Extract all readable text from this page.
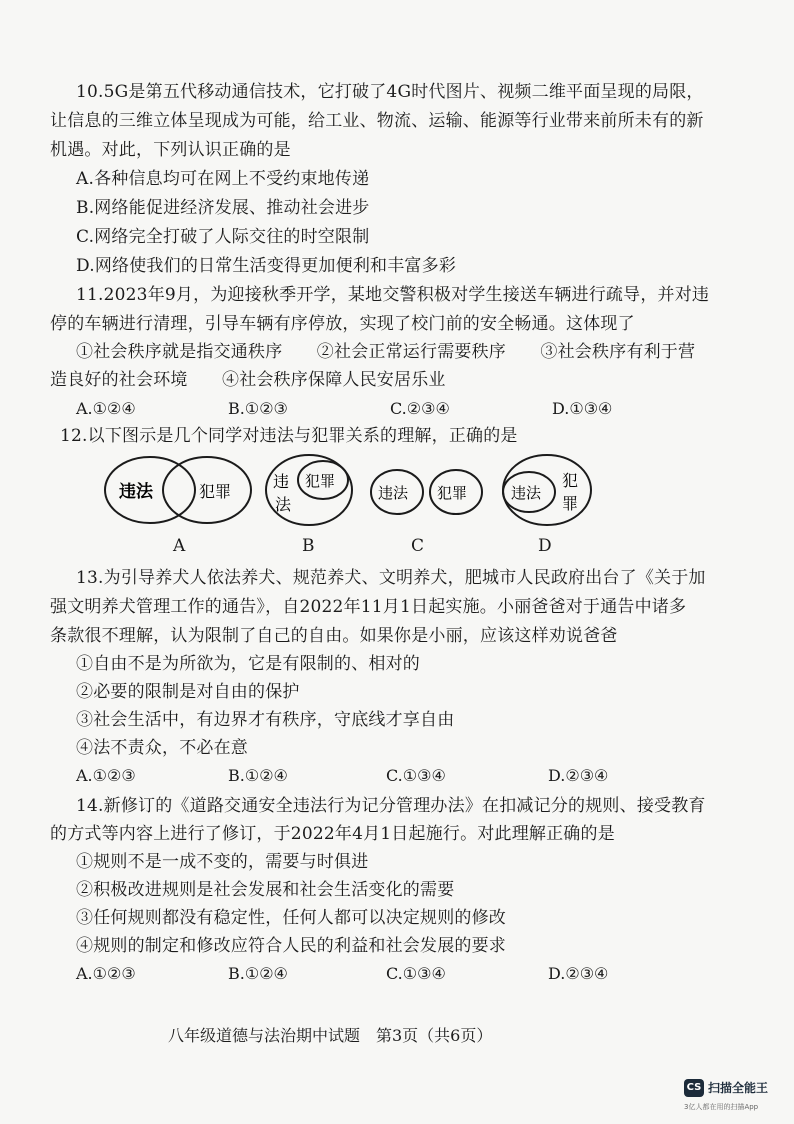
10.5G是第五代移动通信技术，它打破了4G时代图片、视频二维平面呈现的局限，
让信息的三维立体呈现成为可能，给工业、物流、运输、能源等行业带来前所未有的新
机遇。对此，下列认识正确的是
A.各种信息均可在网上不受约束地传递
B.网络能促进经济发展、推动社会进步
C.网络完全打破了人际交往的时空限制
D.网络使我们的日常生活变得更加便利和丰富多彩
11.2023年9月，为迎接秋季开学，某地交警积极对学生接送车辆进行疏导，并对违
停的车辆进行清理，引导车辆有序停放，实现了校门前的安全畅通。这体现了
①社会秩序就是指交通秩序　　②社会正常运行需要秩序　　③社会秩序有利于营
造良好的社会环境　　④社会秩序保障人民安居乐业
A.①②④	B.①②③	C.②③④	D.①③④
12.以下图示是几个同学对违法与犯罪关系的理解，正确的是
违法	犯罪
违
法
犯罪
违法 犯罪	违法
犯
罪
A	B	C	D
13.为引导养犬人依法养犬、规范养犬、文明养犬，肥城市人民政府出台了《关于加
强文明养犬管理工作的通告》，自2022年11月1日起实施。小丽爸爸对于通告中诸多
条款很不理解，认为限制了自己的自由。如果你是小丽，应该这样劝说爸爸
①自由不是为所欲为，它是有限制的、相对的
②必要的限制是对自由的保护
③社会生活中，有边界才有秩序，守底线才享自由
④法不责众，不必在意
A.①②③	B.①②④	C.①③④	D.②③④
14.新修订的《道路交通安全违法行为记分管理办法》在扣减记分的规则、接受教育
的方式等内容上进行了修订，于2022年4月1日起施行。对此理解正确的是
①规则不是一成不变的，需要与时俱进
②积极改进规则是社会发展和社会生活变化的需要
③任何规则都没有稳定性，任何人都可以决定规则的修改
④规则的制定和修改应符合人民的利益和社会发展的要求
A.①②③	B.①②④	C.①③④	D.②③④
八年级道德与法治期中试题　第3页（共6页）
CS 扫描全能王
3亿人都在用的扫描App
